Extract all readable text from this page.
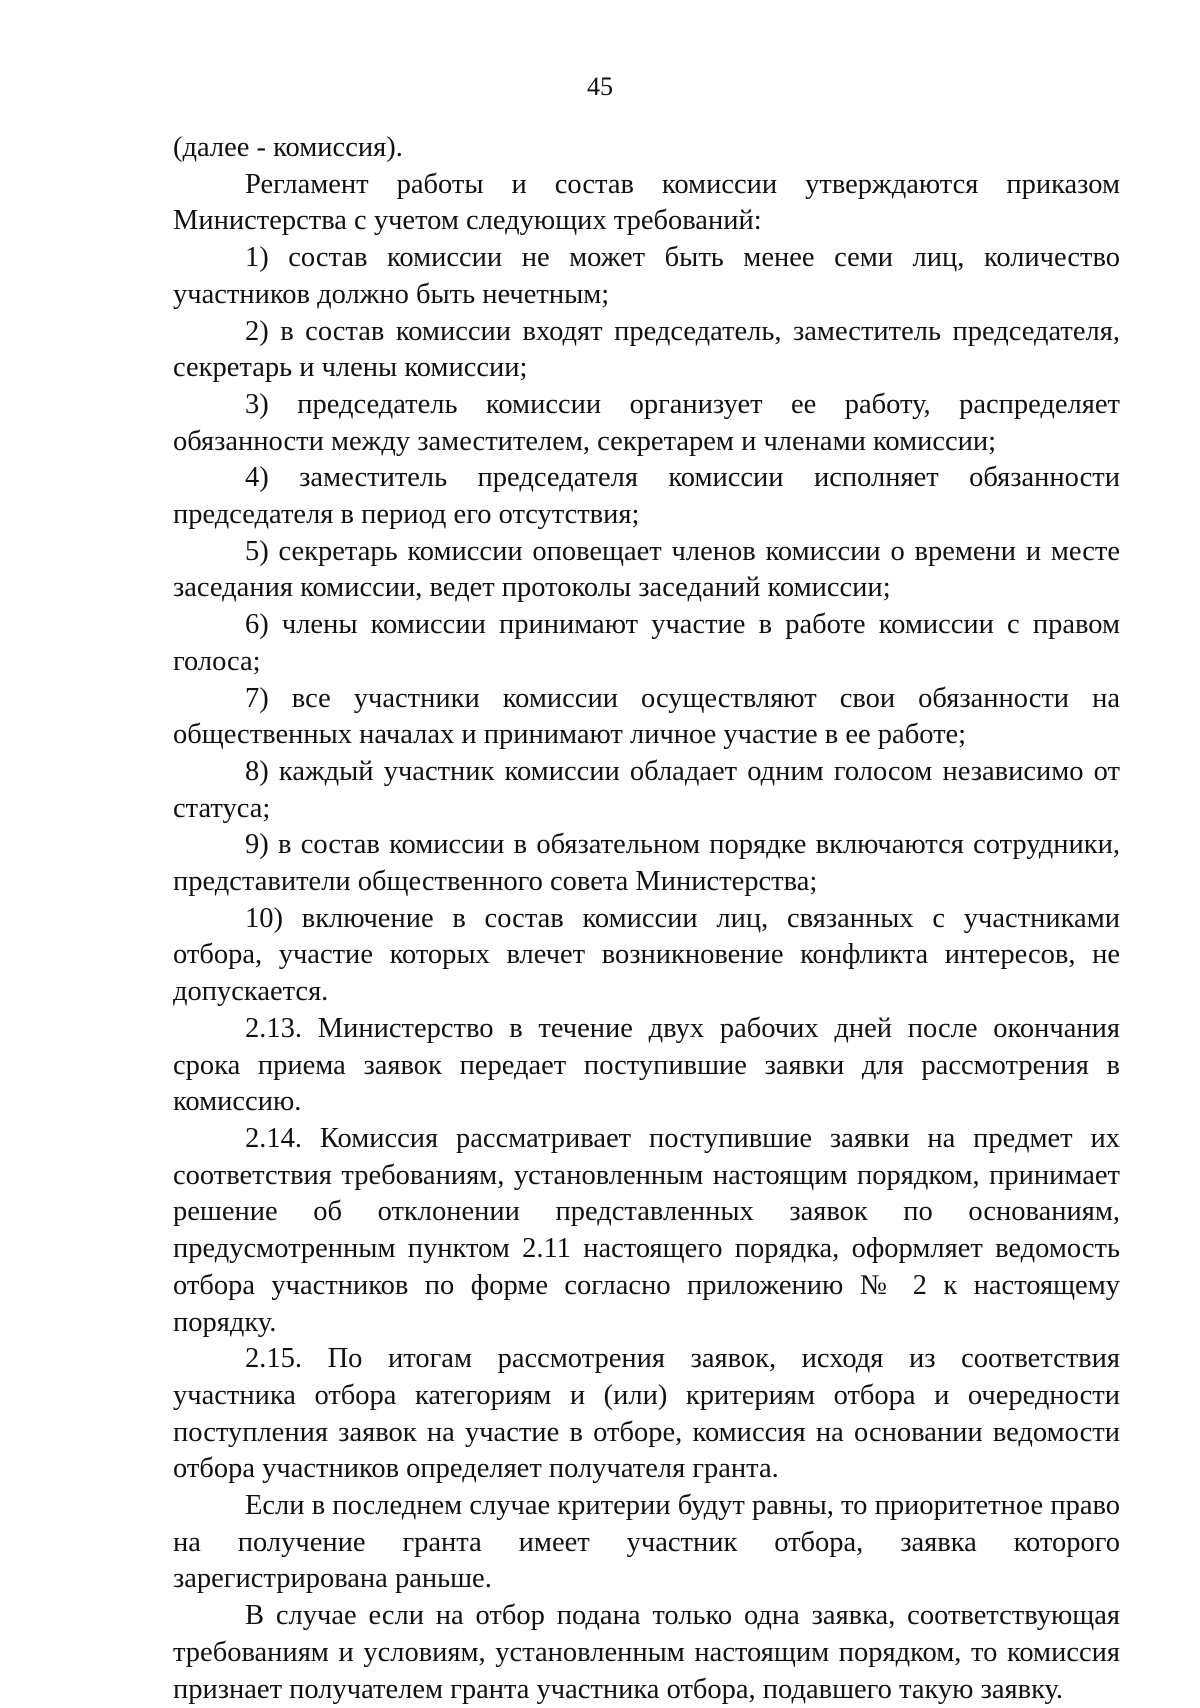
45

(далее - комиссия).

Регламент работы и состав комиссии утверждаются приказом Министерства с учетом следующих требований:

1) состав комиссии не может быть менее семи лиц, количество участников должно быть нечетным;

2) в состав комиссии входят председатель, заместитель председателя, секретарь и члены комиссии;

3) председатель комиссии организует ее работу, распределяет обязанности между заместителем, секретарем и членами комиссии;

4) заместитель председателя комиссии исполняет обязанности председателя в период его отсутствия;

5) секретарь комиссии оповещает членов комиссии о времени и месте заседания комиссии, ведет протоколы заседаний комиссии;

6) члены комиссии принимают участие в работе комиссии с правом голоса;

7) все участники комиссии осуществляют свои обязанности на общественных началах и принимают личное участие в ее работе;

8) каждый участник комиссии обладает одним голосом независимо от статуса;

9) в состав комиссии в обязательном порядке включаются сотрудники, представители общественного совета Министерства;

10) включение в состав комиссии лиц, связанных с участниками отбора, участие которых влечет возникновение конфликта интересов, не допускается.

2.13. Министерство в течение двух рабочих дней после окончания срока приема заявок передает поступившие заявки для рассмотрения в комиссию.

2.14. Комиссия рассматривает поступившие заявки на предмет их соответствия требованиям, установленным настоящим порядком, принимает решение об отклонении представленных заявок по основаниям, предусмотренным пунктом 2.11 настоящего порядка, оформляет ведомость отбора участников по форме согласно приложению № 2 к настоящему порядку.

2.15. По итогам рассмотрения заявок, исходя из соответствия участника отбора категориям и (или) критериям отбора и очередности поступления заявок на участие в отборе, комиссия на основании ведомости отбора участников определяет получателя гранта.

Если в последнем случае критерии будут равны, то приоритетное право на получение гранта имеет участник отбора, заявка которого зарегистрирована раньше.

В случае если на отбор подана только одна заявка, соответствующая требованиям и условиям, установленным настоящим порядком, то комиссия признает получателем гранта участника отбора, подавшего такую заявку.
